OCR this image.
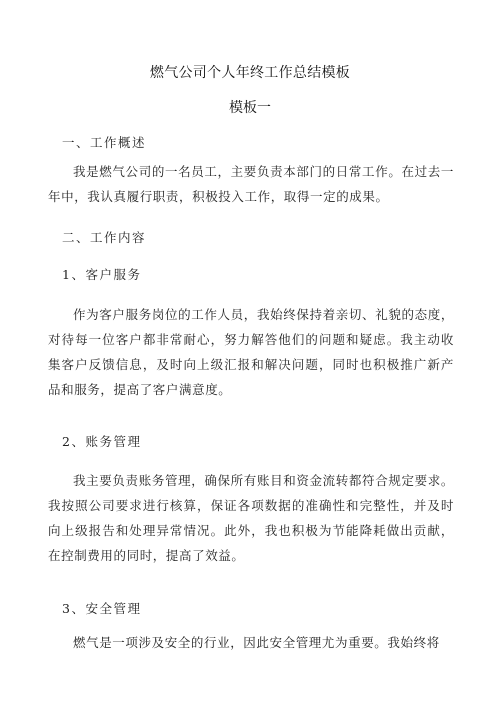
燃气公司个人年终工作总结模板
模板一
一、工作概述
我是燃气公司的一名员工，主要负责本部门的日常工作。在过去一年中，我认真履行职责，积极投入工作，取得一定的成果。
二、工作内容
1、客户服务
作为客户服务岗位的工作人员，我始终保持着亲切、礼貌的态度，对待每一位客户都非常耐心，努力解答他们的问题和疑虑。我主动收集客户反馈信息，及时向上级汇报和解决问题，同时也积极推广新产品和服务，提高了客户满意度。
2、账务管理
我主要负责账务管理，确保所有账目和资金流转都符合规定要求。我按照公司要求进行核算，保证各项数据的准确性和完整性，并及时向上级报告和处理异常情况。此外，我也积极为节能降耗做出贡献，在控制费用的同时，提高了效益。
3、安全管理
燃气是一项涉及安全的行业，因此安全管理尤为重要。我始终将
